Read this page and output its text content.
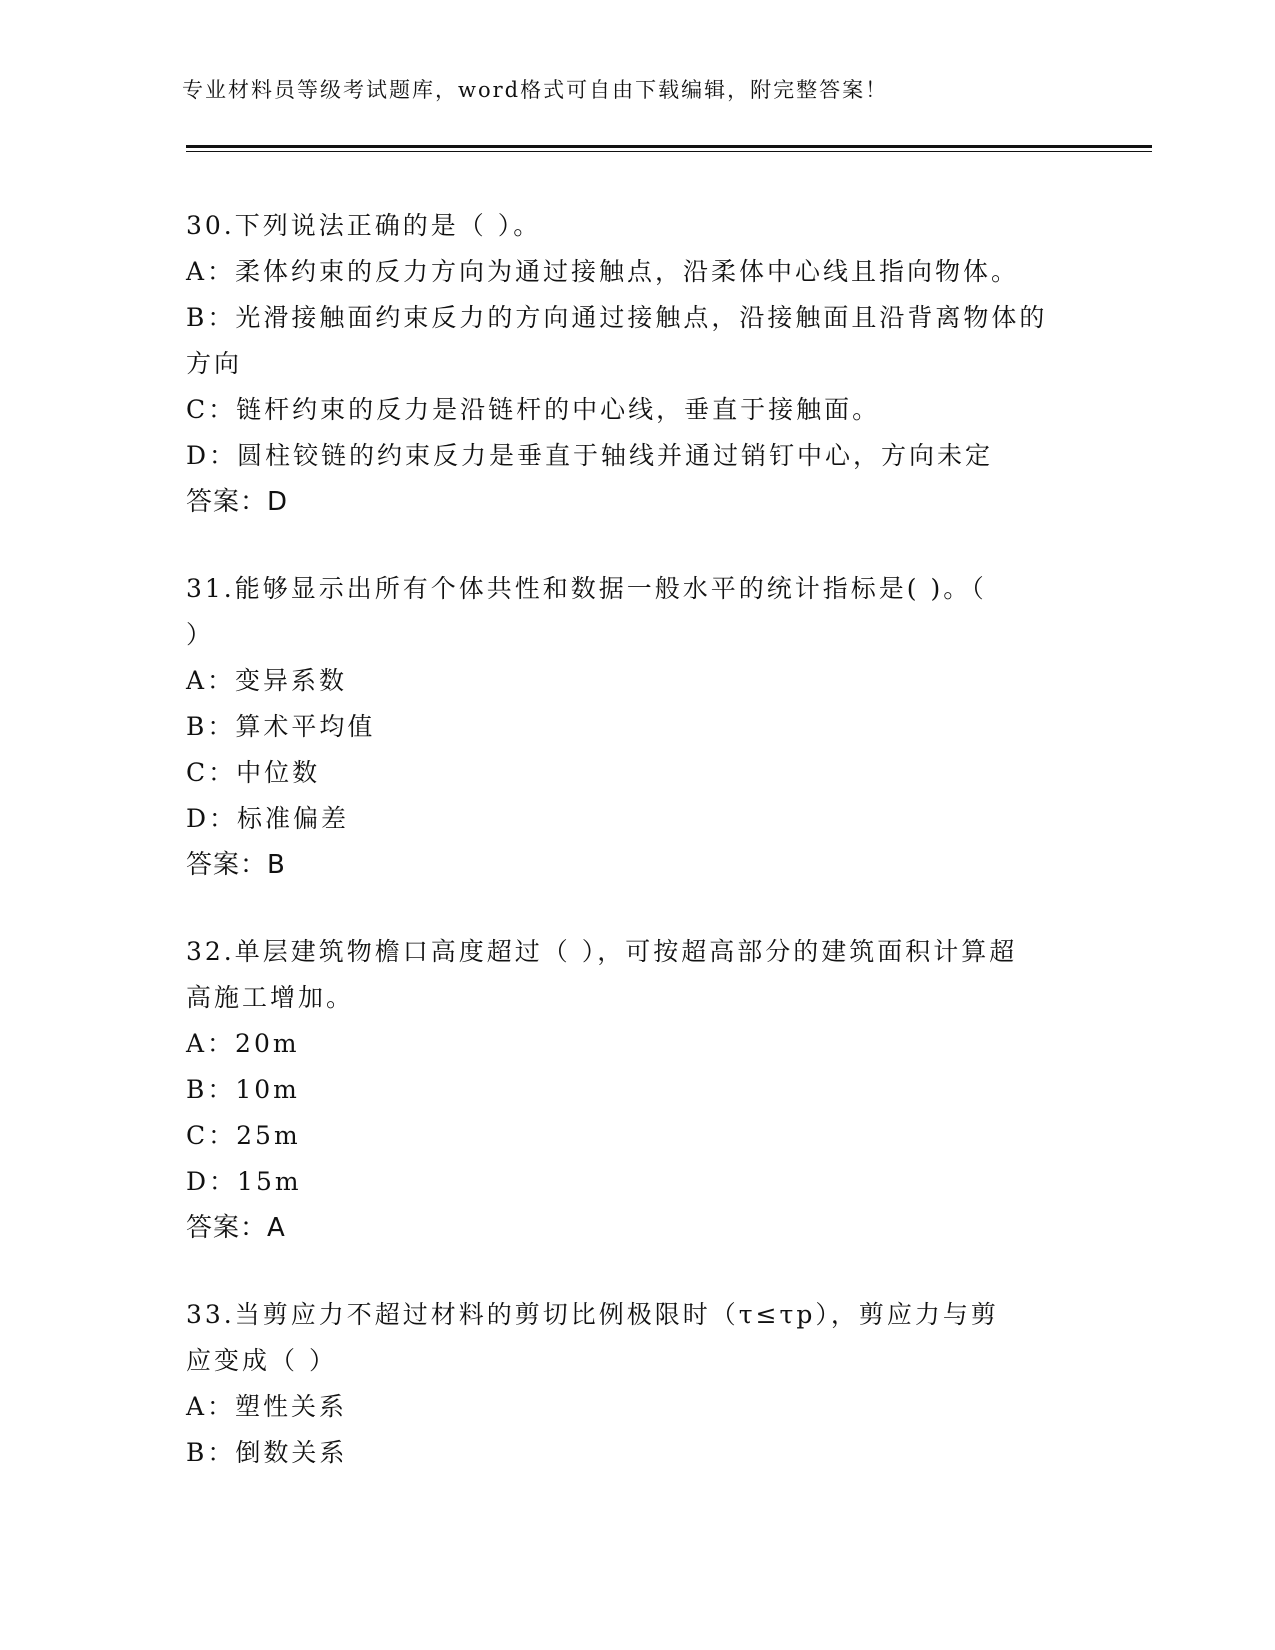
专业材料员等级考试题库，word格式可自由下载编辑，附完整答案！
30.下列说法正确的是（ ）。
A：柔体约束的反力方向为通过接触点，沿柔体中心线且指向物体。
B：光滑接触面约束反力的方向通过接触点，沿接触面且沿背离物体的
方向
C：链杆约束的反力是沿链杆的中心线，垂直于接触面。
D：圆柱铰链的约束反力是垂直于轴线并通过销钉中心，方向未定
答案：D
31.能够显示出所有个体共性和数据一般水平的统计指标是( )。（
）
A：变异系数
B：算术平均值
C：中位数
D：标准偏差
答案：B
32.单层建筑物檐口高度超过（ ），可按超高部分的建筑面积计算超
高施工增加。
A：20m
B：10m
C：25m
D：15m
答案：A
33.当剪应力不超过材料的剪切比例极限时（τ≤τp），剪应力与剪
应变成（ ）
A：塑性关系
B：倒数关系
